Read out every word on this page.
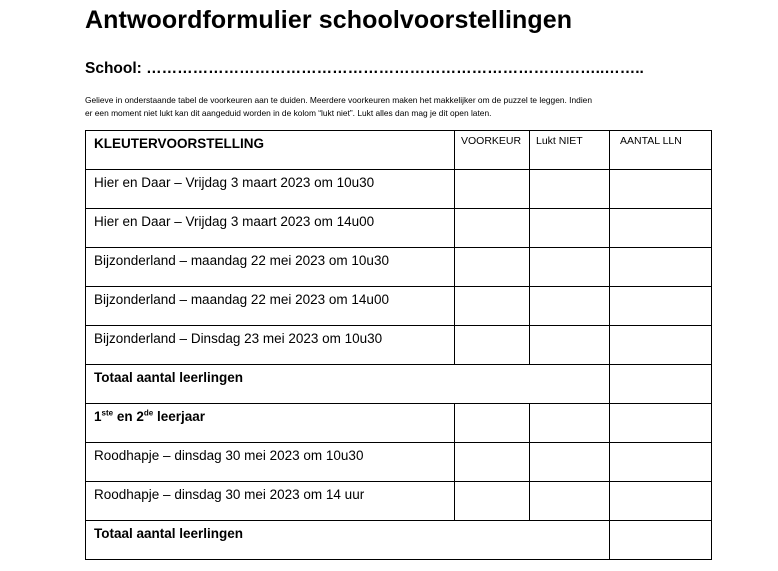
Antwoordformulier schoolvoorstellingen
School: ……………………………………………………………………………..……..
Gelieve in onderstaande tabel de voorkeuren aan te duiden. Meerdere voorkeuren maken het makkelijker om de puzzel te leggen. Indien
er een moment niet lukt kan dit aangeduid worden in de kolom “lukt niet”. Lukt alles dan mag je dit open laten.
KLEUTERVOORSTELLING	VOORKEUR	Lukt NIET	AANTAL LLN

Hier en Daar – Vrijdag 3 maart 2023 om 10u30			

Hier en Daar – Vrijdag 3 maart 2023 om 14u00			

Bijzonderland – maandag 22 mei 2023 om 10u30			

Bijzonderland – maandag 22 mei 2023 om 14u00			

Bijzonderland – Dinsdag 23 mei 2023 om 10u30			

Totaal aantal leerlingen			

1ste en 2de leerjaar			

Roodhapje – dinsdag 30 mei 2023 om 10u30			

Roodhapje – dinsdag 30 mei 2023 om 14 uur			

Totaal aantal leerlingen			
